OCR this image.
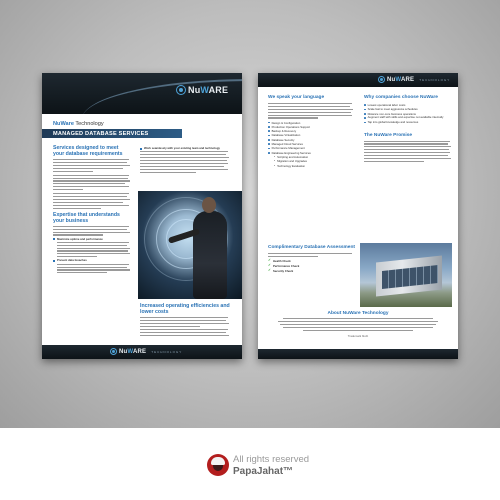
NuWARE
NuWare Technology
MANAGED DATABASE SERVICES
Services designed to meet your database requirements
Expertise that understands your business
Maximize uptime and performance
Prevent data breaches
Work seamlessly with your existing team and technology
Increased operating efficiencies and lower costs
NuWARE TECHNOLOGY
NuWARE TECHNOLOGY
We speak your language
Design & Configuration
Production Operations Support
Backup & Recovery
Database Virtualization
Database Security
Managed Cloud Services
Performance Management
Database Engineering Services
* Scripting and Automation
* Migration and Upgrades
* Technology Evaluation
Complimentary Database Assessment
✓ Health Check
✓ Performance Check
✓ Security Check
Why companies choose NuWare
Lowest operational labor costs
Scale fast to meet aggressive schedules
Distance non-core business operations
Augment staff with skills and expertise not available internally
Tap into global knowledge and resources
The NuWare Promise
About NuWare Technology
Trademark blurb
All rights reserved
PapaJahat™
